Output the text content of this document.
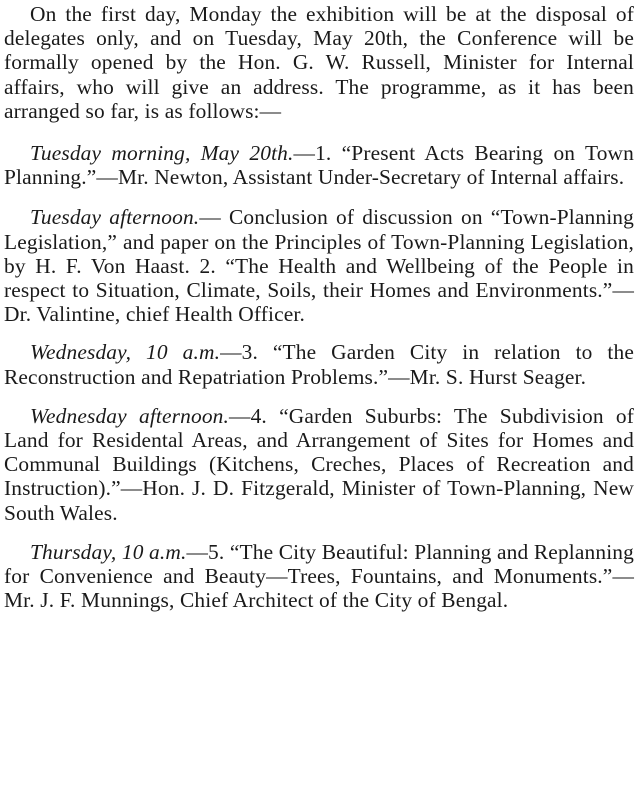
On the first day, Monday the exhibition will be at the disposal of delegates only, and on Tuesday, May 20th, the Conference will be formally opened by the Hon. G. W. Russell, Minister for Internal affairs, who will give an address. The programme, as it has been arranged so far, is as follows:—

Tuesday morning, May 20th.—1. “Present Acts Bearing on Town Planning.”—Mr. Newton, Assistant Under-Secretary of Internal affairs.

Tuesday afternoon.— Conclusion of discussion on “Town-Planning Legislation,” and paper on the Principles of Town-Planning Legislation, by H. F. Von Haast. 2. “The Health and Wellbeing of the People in respect to Situation, Climate, Soils, their Homes and Environments.”—Dr. Valintine, chief Health Officer.

Wednesday, 10 a.m.—3. “The Garden City in relation to the Reconstruction and Repatriation Problems.”—Mr. S. Hurst Seager.

Wednesday afternoon.—4. “Garden Suburbs: The Subdivision of Land for Residental Areas, and Arrangement of Sites for Homes and Communal Buildings (Kitchens, Creches, Places of Recreation and Instruction).”—Hon. J. D. Fitzgerald, Minister of Town-Planning, New South Wales.

Thursday, 10 a.m.—5. “The City Beautiful: Planning and Replanning for Convenience and Beauty—Trees, Fountains, and Monuments.”—Mr. J. F. Munnings, Chief Architect of the City of Bengal.
